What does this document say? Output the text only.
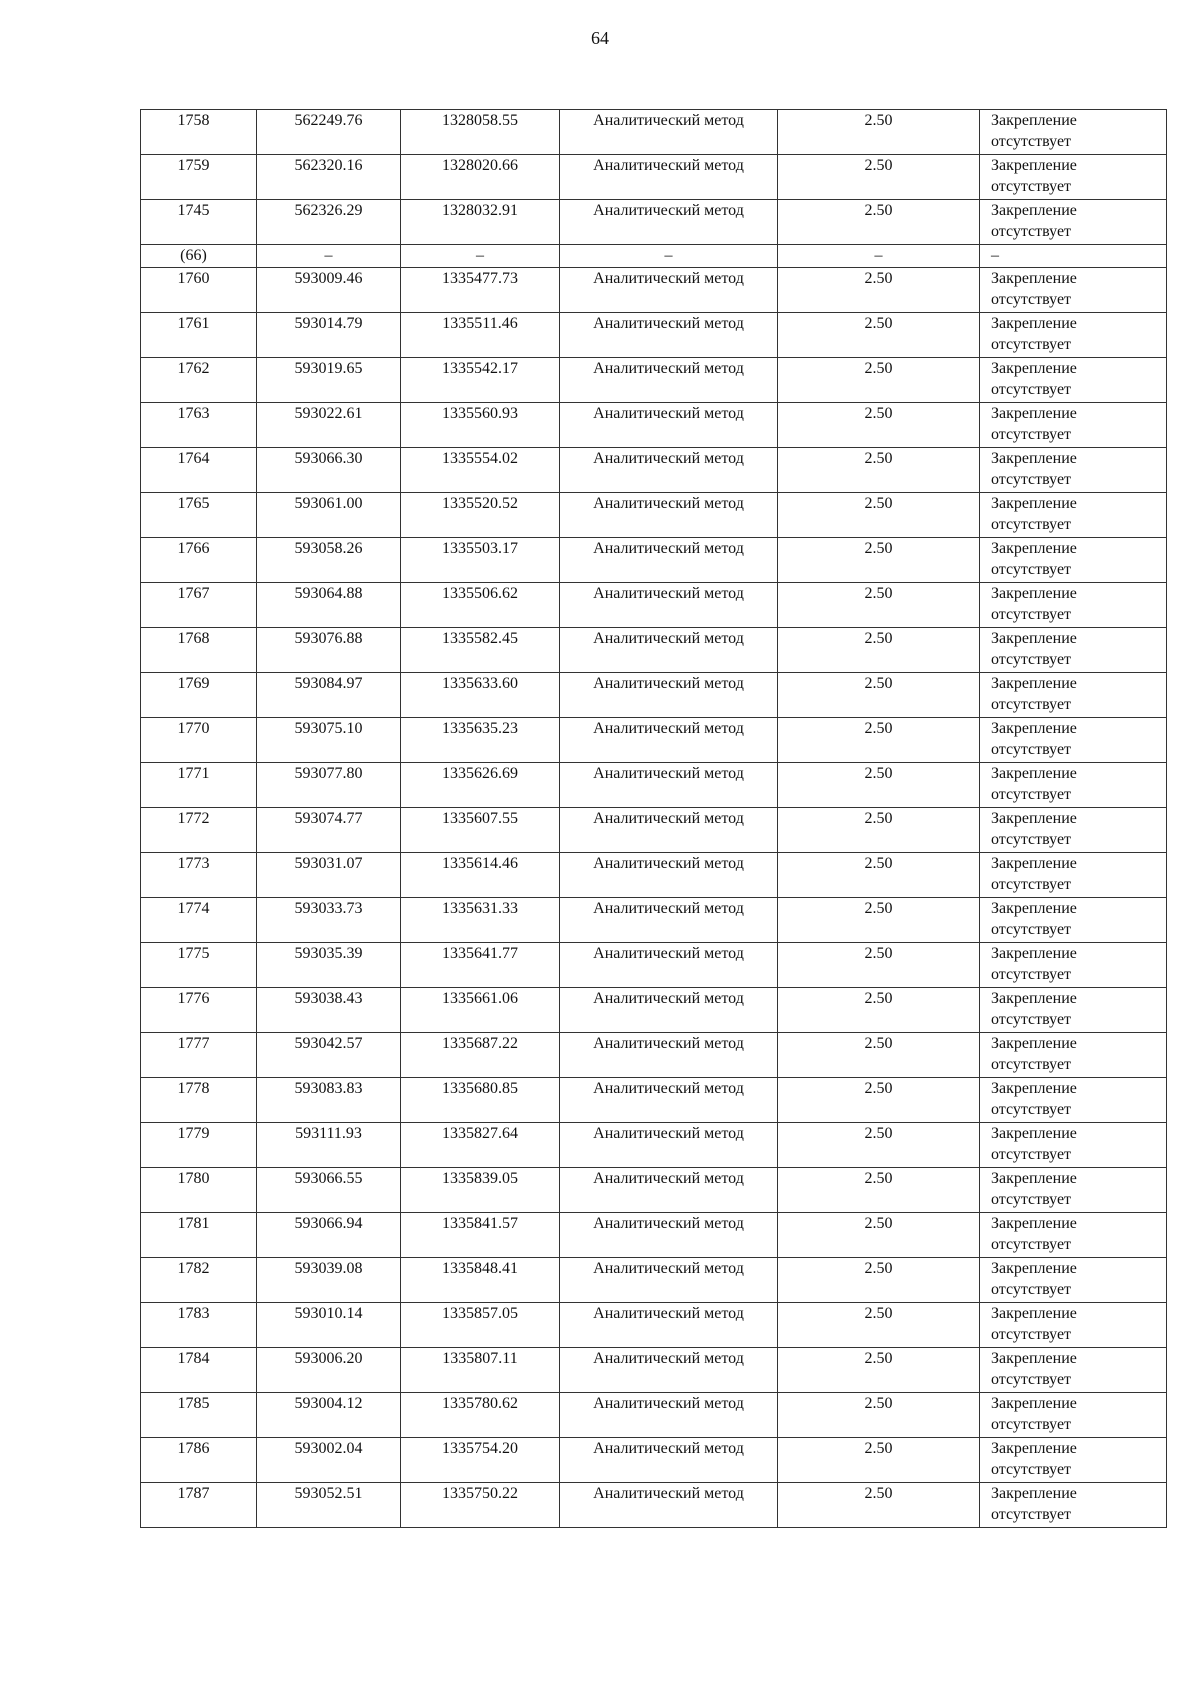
64
1758	562249.76	1328058.55	Аналитический метод	2.50	Закрепление
отсутствует

1759	562320.16	1328020.66	Аналитический метод	2.50	Закрепление
отсутствует

1745	562326.29	1328032.91	Аналитический метод	2.50	Закрепление
отсутствует

(66)	–	–	–	–	–

1760	593009.46	1335477.73	Аналитический метод	2.50	Закрепление
отсутствует

1761	593014.79	1335511.46	Аналитический метод	2.50	Закрепление
отсутствует

1762	593019.65	1335542.17	Аналитический метод	2.50	Закрепление
отсутствует

1763	593022.61	1335560.93	Аналитический метод	2.50	Закрепление
отсутствует

1764	593066.30	1335554.02	Аналитический метод	2.50	Закрепление
отсутствует

1765	593061.00	1335520.52	Аналитический метод	2.50	Закрепление
отсутствует

1766	593058.26	1335503.17	Аналитический метод	2.50	Закрепление
отсутствует

1767	593064.88	1335506.62	Аналитический метод	2.50	Закрепление
отсутствует

1768	593076.88	1335582.45	Аналитический метод	2.50	Закрепление
отсутствует

1769	593084.97	1335633.60	Аналитический метод	2.50	Закрепление
отсутствует

1770	593075.10	1335635.23	Аналитический метод	2.50	Закрепление
отсутствует

1771	593077.80	1335626.69	Аналитический метод	2.50	Закрепление
отсутствует

1772	593074.77	1335607.55	Аналитический метод	2.50	Закрепление
отсутствует

1773	593031.07	1335614.46	Аналитический метод	2.50	Закрепление
отсутствует

1774	593033.73	1335631.33	Аналитический метод	2.50	Закрепление
отсутствует

1775	593035.39	1335641.77	Аналитический метод	2.50	Закрепление
отсутствует

1776	593038.43	1335661.06	Аналитический метод	2.50	Закрепление
отсутствует

1777	593042.57	1335687.22	Аналитический метод	2.50	Закрепление
отсутствует

1778	593083.83	1335680.85	Аналитический метод	2.50	Закрепление
отсутствует

1779	593111.93	1335827.64	Аналитический метод	2.50	Закрепление
отсутствует

1780	593066.55	1335839.05	Аналитический метод	2.50	Закрепление
отсутствует

1781	593066.94	1335841.57	Аналитический метод	2.50	Закрепление
отсутствует

1782	593039.08	1335848.41	Аналитический метод	2.50	Закрепление
отсутствует

1783	593010.14	1335857.05	Аналитический метод	2.50	Закрепление
отсутствует

1784	593006.20	1335807.11	Аналитический метод	2.50	Закрепление
отсутствует

1785	593004.12	1335780.62	Аналитический метод	2.50	Закрепление
отсутствует

1786	593002.04	1335754.20	Аналитический метод	2.50	Закрепление
отсутствует

1787	593052.51	1335750.22	Аналитический метод	2.50	Закрепление
отсутствует
